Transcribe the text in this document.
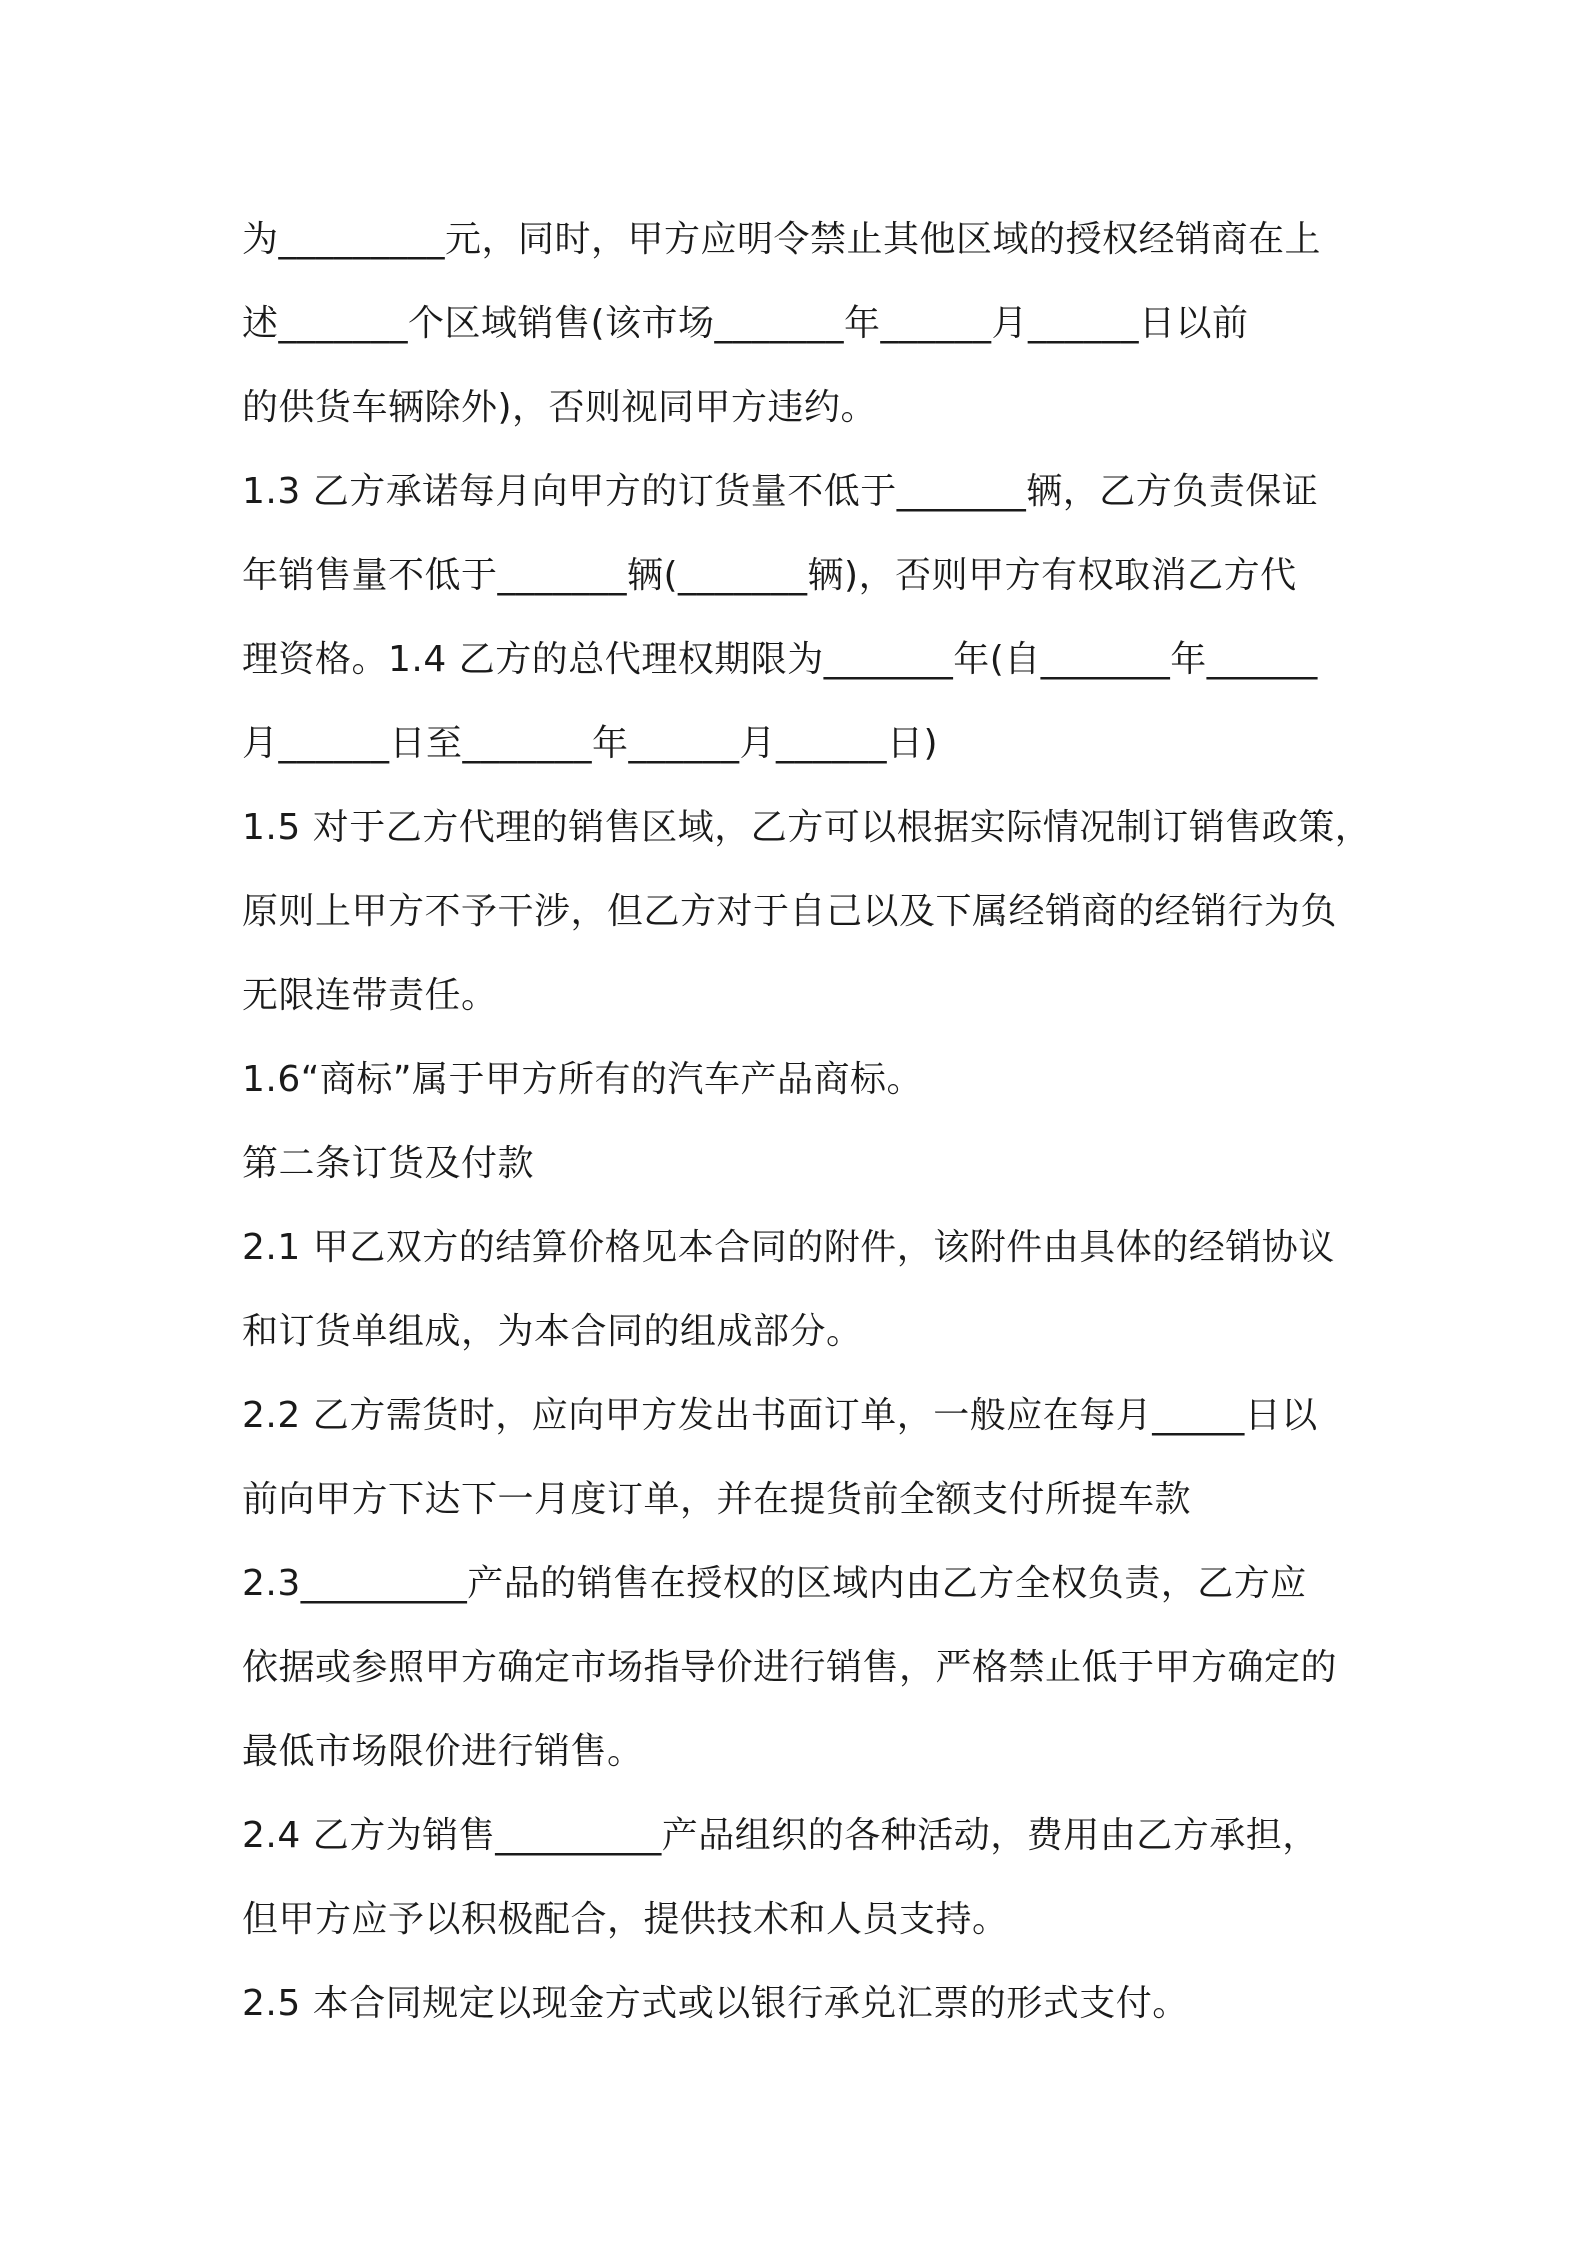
为_________元，同时，甲方应明令禁止其他区域的授权经销商在上
述_______个区域销售(该市场_______年______月______日以前
的供货车辆除外)，否则视同甲方违约。
1.3 乙方承诺每月向甲方的订货量不低于_______辆，乙方负责保证
年销售量不低于_______辆(_______辆)，否则甲方有权取消乙方代
理资格。1.4 乙方的总代理权期限为_______年(自_______年______
月______日至_______年______月______日)
1.5 对于乙方代理的销售区域，乙方可以根据实际情况制订销售政策，
原则上甲方不予干涉，但乙方对于自己以及下属经销商的经销行为负
无限连带责任。
1.6“商标”属于甲方所有的汽车产品商标。
第二条订货及付款
2.1 甲乙双方的结算价格见本合同的附件，该附件由具体的经销协议
和订货单组成，为本合同的组成部分。
2.2 乙方需货时，应向甲方发出书面订单，一般应在每月_____日以
前向甲方下达下一月度订单，并在提货前全额支付所提车款
2.3_________产品的销售在授权的区域内由乙方全权负责，乙方应
依据或参照甲方确定市场指导价进行销售，严格禁止低于甲方确定的
最低市场限价进行销售。
2.4 乙方为销售_________产品组织的各种活动，费用由乙方承担，
但甲方应予以积极配合，提供技术和人员支持。
2.5 本合同规定以现金方式或以银行承兑汇票的形式支付。
